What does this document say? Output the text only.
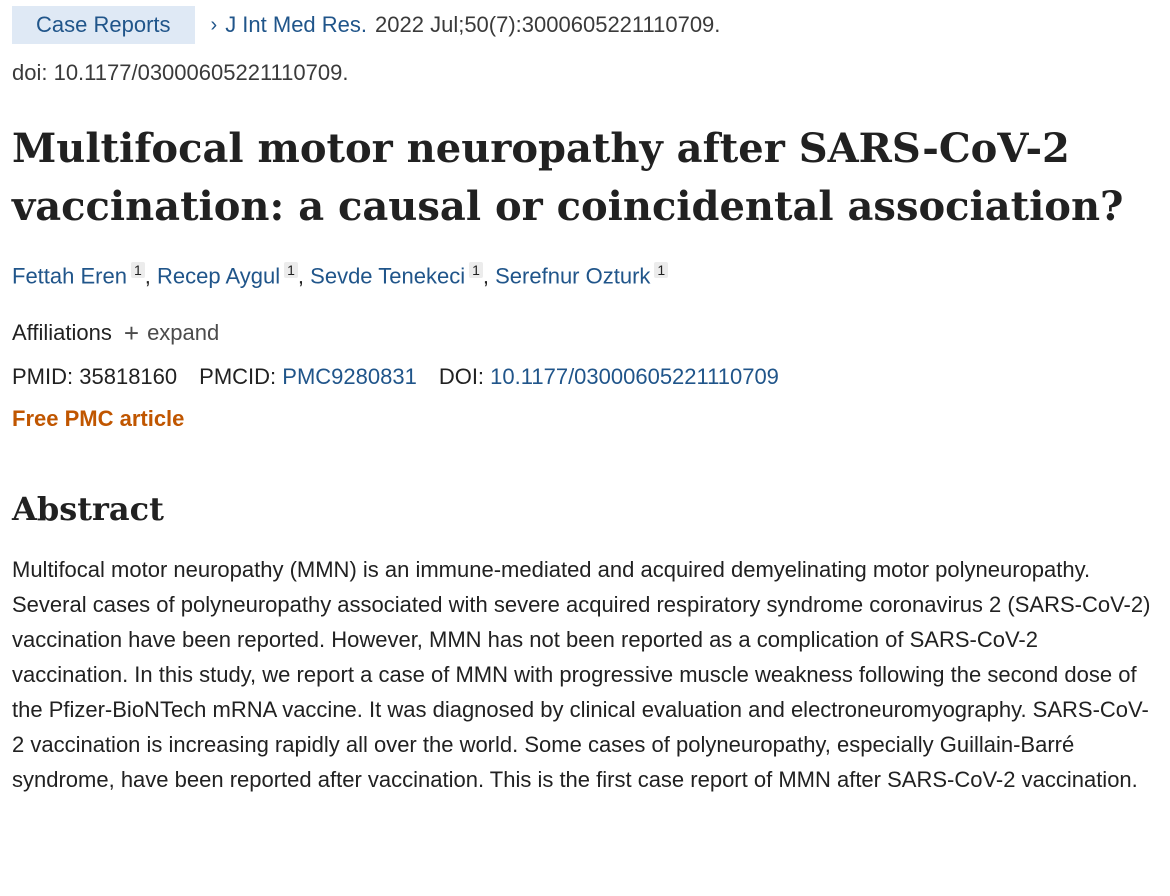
Case Reports	› J Int Med Res. 2022 Jul;50(7):3000605221110709.
doi: 10.1177/03000605221110709.
Multifocal motor neuropathy after SARS-CoV-2 vaccination: a causal or coincidental association?
Fettah Eren $^1$ , Recep Aygul $^1$ , Sevde Tenekeci $^1$ , Serefnur Ozturk $^1$
Affiliations + expand
PMID: 35818160 PMCID: PMC9280831 DOI: 10.1177/03000605221110709
Free PMC article
Abstract

Multifocal motor neuropathy (MMN) is an immune-mediated and acquired demyelinating motor polyneuropathy. Several cases of polyneuropathy associated with severe acquired respiratory syndrome coronavirus 2 (SARS-CoV-2) vaccination have been reported. However, MMN has not been reported as a complication of SARS-CoV-2 vaccination. In this study, we report a case of MMN with progressive muscle weakness following the second dose of the Pfizer-BioNTech mRNA vaccine. It was diagnosed by clinical evaluation and electroneuromyography. SARS-CoV-2 vaccination is increasing rapidly all over the world. Some cases of polyneuropathy, especially Guillain-Barré syndrome, have been reported after vaccination. This is the first case report of MMN after SARS-CoV-2 vaccination.
